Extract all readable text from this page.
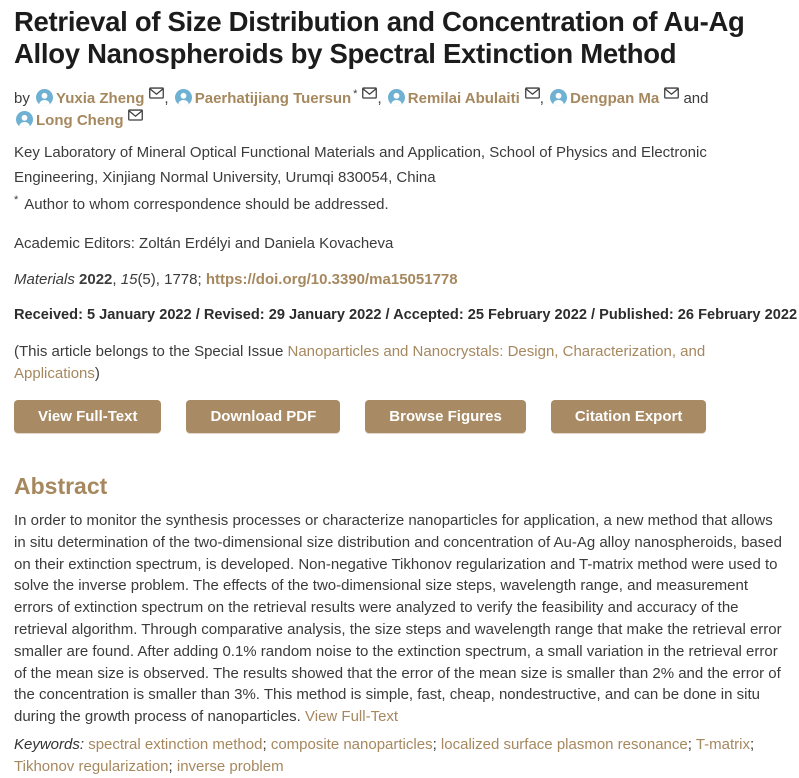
Retrieval of Size Distribution and Concentration of Au-Ag Alloy Nanospheroids by Spectral Extinction Method

by Yuxia Zheng , Paerhatijiang Tuersun * , Remilai Abulaiti , Dengpan Ma and Long Cheng

Key Laboratory of Mineral Optical Functional Materials and Application, School of Physics and Electronic Engineering, Xinjiang Normal University, Urumqi 830054, China

* Author to whom correspondence should be addressed.

Academic Editors: Zoltán Erdélyi and Daniela Kovacheva

Materials 2022, 15(5), 1778; https://doi.org/10.3390/ma15051778

Received: 5 January 2022 / Revised: 29 January 2022 / Accepted: 25 February 2022 / Published: 26 February 2022

(This article belongs to the Special Issue Nanoparticles and Nanocrystals: Design, Characterization, and Applications)

View Full-Text	Download PDF	Browse Figures	Citation Export
Abstract

In order to monitor the synthesis processes or characterize nanoparticles for application, a new method that allows in situ determination of the two-dimensional size distribution and concentration of Au-Ag alloy nanospheroids, based on their extinction spectrum, is developed. Non-negative Tikhonov regularization and T-matrix method were used to solve the inverse problem. The effects of the two-dimensional size steps, wavelength range, and measurement errors of extinction spectrum on the retrieval results were analyzed to verify the feasibility and accuracy of the retrieval algorithm. Through comparative analysis, the size steps and wavelength range that make the retrieval error smaller are found. After adding 0.1% random noise to the extinction spectrum, a small variation in the retrieval error of the mean size is observed. The results showed that the error of the mean size is smaller than 2% and the error of the concentration is smaller than 3%. This method is simple, fast, cheap, nondestructive, and can be done in situ during the growth process of nanoparticles. View Full-Text

Keywords: spectral extinction method; composite nanoparticles; localized surface plasmon resonance; T-matrix; Tikhonov regularization; inverse problem
